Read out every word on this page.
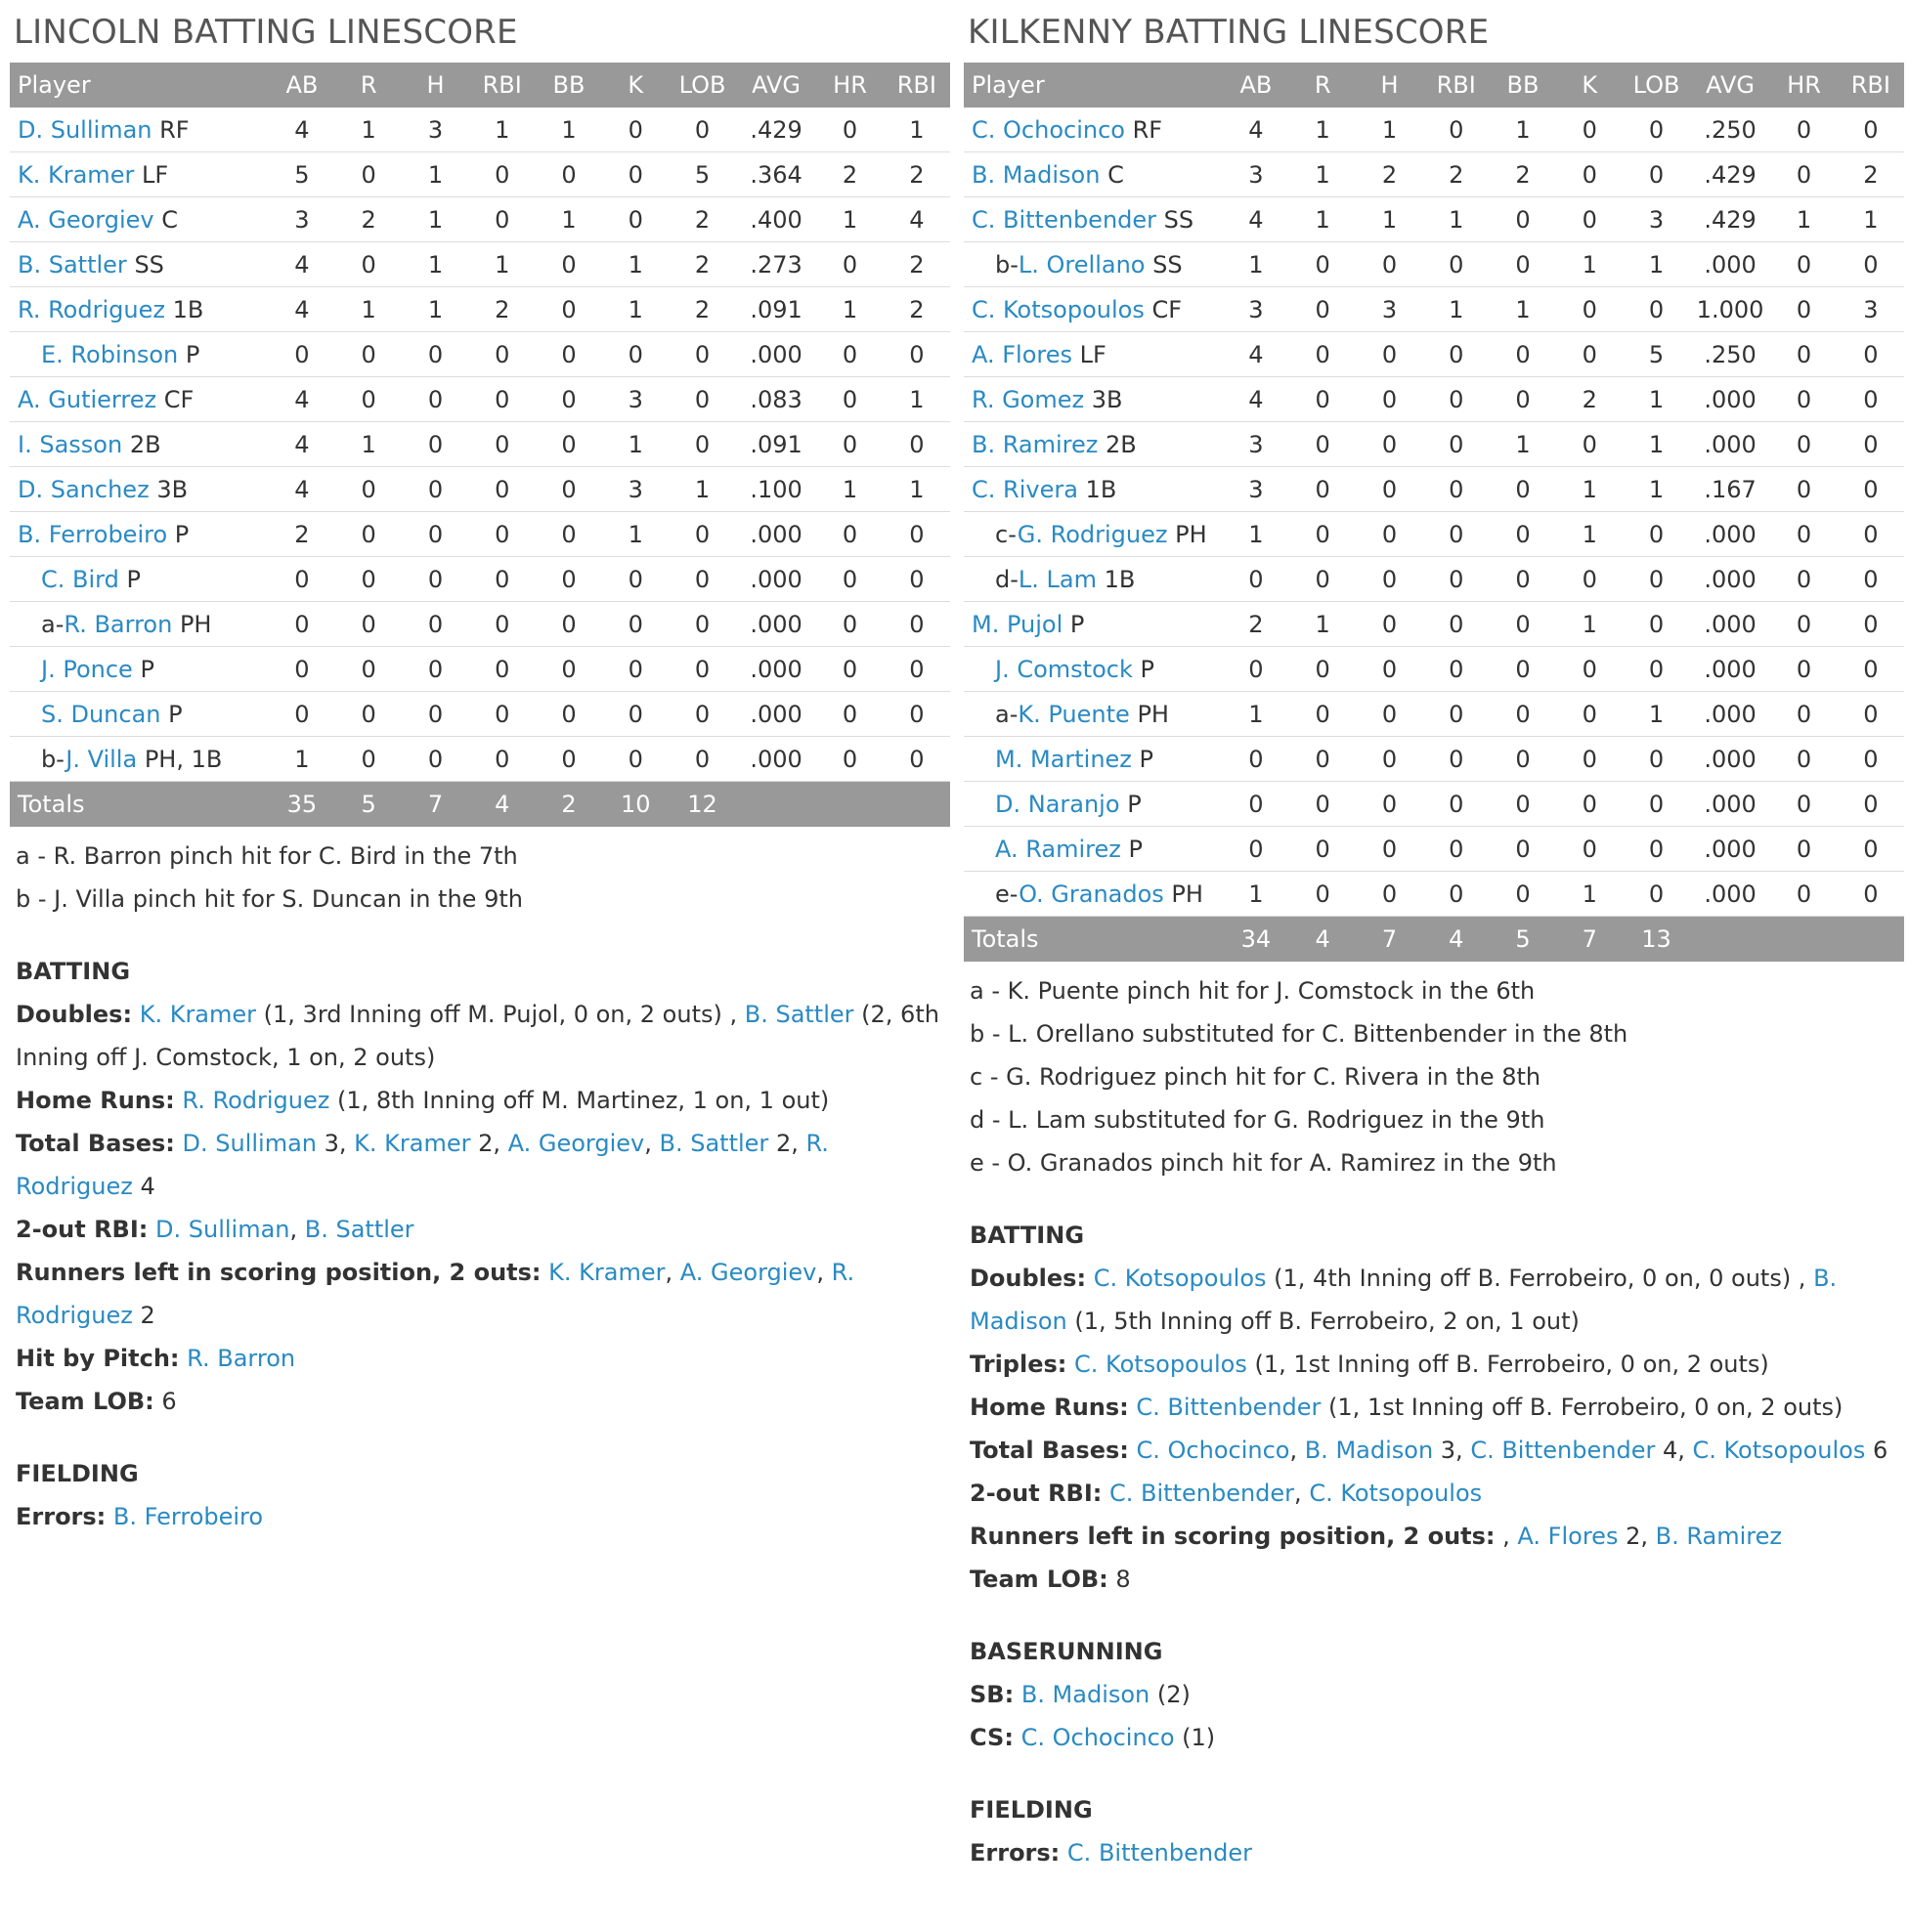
LINCOLN BATTING LINESCORE
Player	AB	R	H	RBI	BB	K	LOB	AVG	HR	RBI
D. Sulliman RF	4	1	3	1	1	0	0	.429	0	1
K. Kramer LF	5	0	1	0	0	0	5	.364	2	2
A. Georgiev C	3	2	1	0	1	0	2	.400	1	4
B. Sattler SS	4	0	1	1	0	1	2	.273	0	2
R. Rodriguez 1B	4	1	1	2	0	1	2	.091	1	2
E. Robinson P	0	0	0	0	0	0	0	.000	0	0
A. Gutierrez CF	4	0	0	0	0	3	0	.083	0	1
I. Sasson 2B	4	1	0	0	0	1	0	.091	0	0
D. Sanchez 3B	4	0	0	0	0	3	1	.100	1	1
B. Ferrobeiro P	2	0	0	0	0	1	0	.000	0	0
C. Bird P	0	0	0	0	0	0	0	.000	0	0
a-R. Barron PH	0	0	0	0	0	0	0	.000	0	0
J. Ponce P	0	0	0	0	0	0	0	.000	0	0
S. Duncan P	0	0	0	0	0	0	0	.000	0	0
b-J. Villa PH, 1B	1	0	0	0	0	0	0	.000	0	0
Totals	35	5	7	4	2	10	12			
a - R. Barron pinch hit for C. Bird in the 7th
b - J. Villa pinch hit for S. Duncan in the 9th
BATTING
Doubles: K. Kramer (1, 3rd Inning off M. Pujol, 0 on, 2 outs) , B. Sattler (2, 6th Inning off J. Comstock, 1 on, 2 outs)
Home Runs: R. Rodriguez (1, 8th Inning off M. Martinez, 1 on, 1 out)
Total Bases: D. Sulliman 3, K. Kramer 2, A. Georgiev, B. Sattler 2, R. Rodriguez 4
2-out RBI: D. Sulliman, B. Sattler
Runners left in scoring position, 2 outs: K. Kramer, A. Georgiev, R. Rodriguez 2
Hit by Pitch: R. Barron
Team LOB: 6
FIELDING
Errors: B. Ferrobeiro
KILKENNY BATTING LINESCORE
Player	AB	R	H	RBI	BB	K	LOB	AVG	HR	RBI
C. Ochocinco RF	4	1	1	0	1	0	0	.250	0	0
B. Madison C	3	1	2	2	2	0	0	.429	0	2
C. Bittenbender SS	4	1	1	1	0	0	3	.429	1	1
b-L. Orellano SS	1	0	0	0	0	1	1	.000	0	0
C. Kotsopoulos CF	3	0	3	1	1	0	0	1.000	0	3
A. Flores LF	4	0	0	0	0	0	5	.250	0	0
R. Gomez 3B	4	0	0	0	0	2	1	.000	0	0
B. Ramirez 2B	3	0	0	0	1	0	1	.000	0	0
C. Rivera 1B	3	0	0	0	0	1	1	.167	0	0
c-G. Rodriguez PH	1	0	0	0	0	1	0	.000	0	0
d-L. Lam 1B	0	0	0	0	0	0	0	.000	0	0
M. Pujol P	2	1	0	0	0	1	0	.000	0	0
J. Comstock P	0	0	0	0	0	0	0	.000	0	0
a-K. Puente PH	1	0	0	0	0	0	1	.000	0	0
M. Martinez P	0	0	0	0	0	0	0	.000	0	0
D. Naranjo P	0	0	0	0	0	0	0	.000	0	0
A. Ramirez P	0	0	0	0	0	0	0	.000	0	0
e-O. Granados PH	1	0	0	0	0	1	0	.000	0	0
Totals	34	4	7	4	5	7	13			
a - K. Puente pinch hit for J. Comstock in the 6th
b - L. Orellano substituted for C. Bittenbender in the 8th
c - G. Rodriguez pinch hit for C. Rivera in the 8th
d - L. Lam substituted for G. Rodriguez in the 9th
e - O. Granados pinch hit for A. Ramirez in the 9th
BATTING
Doubles: C. Kotsopoulos (1, 4th Inning off B. Ferrobeiro, 0 on, 0 outs) , B. Madison (1, 5th Inning off B. Ferrobeiro, 2 on, 1 out)
Triples: C. Kotsopoulos (1, 1st Inning off B. Ferrobeiro, 0 on, 2 outs)
Home Runs: C. Bittenbender (1, 1st Inning off B. Ferrobeiro, 0 on, 2 outs)
Total Bases: C. Ochocinco, B. Madison 3, C. Bittenbender 4, C. Kotsopoulos 6
2-out RBI: C. Bittenbender, C. Kotsopoulos
Runners left in scoring position, 2 outs: , A. Flores 2, B. Ramirez
Team LOB: 8
BASERUNNING
SB: B. Madison (2)
CS: C. Ochocinco (1)
FIELDING
Errors: C. Bittenbender
